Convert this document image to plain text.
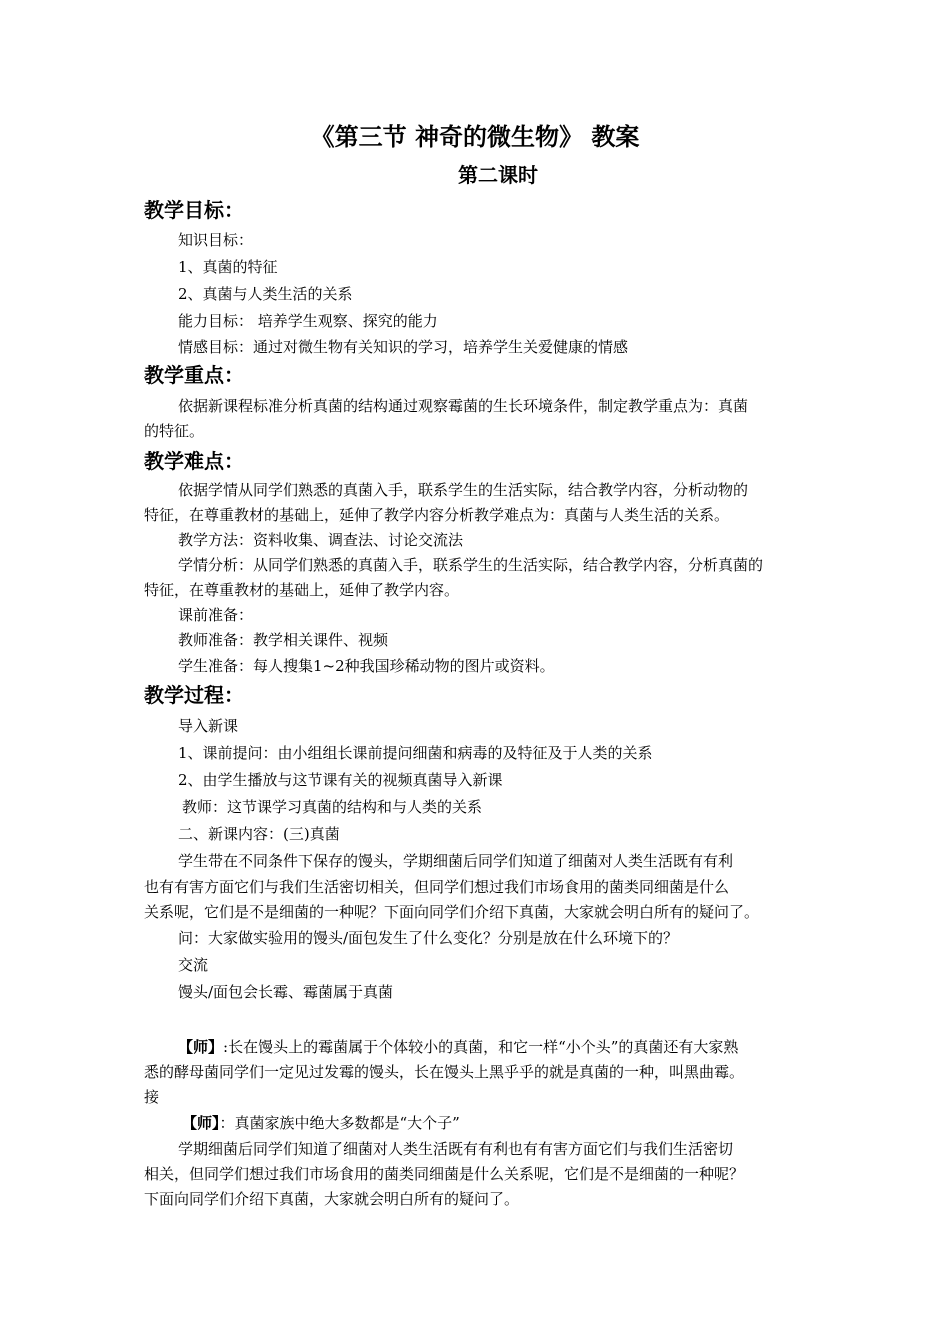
《第三节 神奇的微生物》 教案
第二课时
教学目标：
知识目标：
1、真菌的特征
2、真菌与人类生活的关系
能力目标： 培养学生观察、探究的能力
情感目标：通过对微生物有关知识的学习，培养学生关爱健康的情感
教学重点：
依据新课程标准分析真菌的结构通过观察霉菌的生长环境条件，制定教学重点为：真菌
的特征。
教学难点：
依据学情从同学们熟悉的真菌入手，联系学生的生活实际，结合教学内容，分析动物的
特征，在尊重教材的基础上，延伸了教学内容分析教学难点为：真菌与人类生活的关系。
教学方法：资料收集、调查法、讨论交流法
学情分析：从同学们熟悉的真菌入手，联系学生的生活实际，结合教学内容，分析真菌的
特征，在尊重教材的基础上，延伸了教学内容。
课前准备：
教师准备：教学相关课件、视频
学生准备：每人搜集1~2种我国珍稀动物的图片或资料。
教学过程：
导入新课
1、课前提问：由小组组长课前提问细菌和病毒的及特征及于人类的关系
2、由学生播放与这节课有关的视频真菌导入新课
教师：这节课学习真菌的结构和与人类的关系
二、新课内容：(三)真菌
学生带在不同条件下保存的馒头，学期细菌后同学们知道了细菌对人类生活既有有利
也有有害方面它们与我们生活密切相关，但同学们想过我们市场食用的菌类同细菌是什么
关系呢，它们是不是细菌的一种呢？下面向同学们介绍下真菌，大家就会明白所有的疑问了。
问：大家做实验用的馒头/面包发生了什么变化？分别是放在什么环境下的？
交流
馒头/面包会长霉、霉菌属于真菌
【师】:长在馒头上的霉菌属于个体较小的真菌，和它一样“小个头”的真菌还有大家熟
悉的酵母菌同学们一定见过发霉的馒头，长在馒头上黑乎乎的就是真菌的一种，叫黑曲霉。
接
【师】：真菌家族中绝大多数都是“大个子”
学期细菌后同学们知道了细菌对人类生活既有有利也有有害方面它们与我们生活密切
相关，但同学们想过我们市场食用的菌类同细菌是什么关系呢，它们是不是细菌的一种呢？
下面向同学们介绍下真菌，大家就会明白所有的疑问了。
